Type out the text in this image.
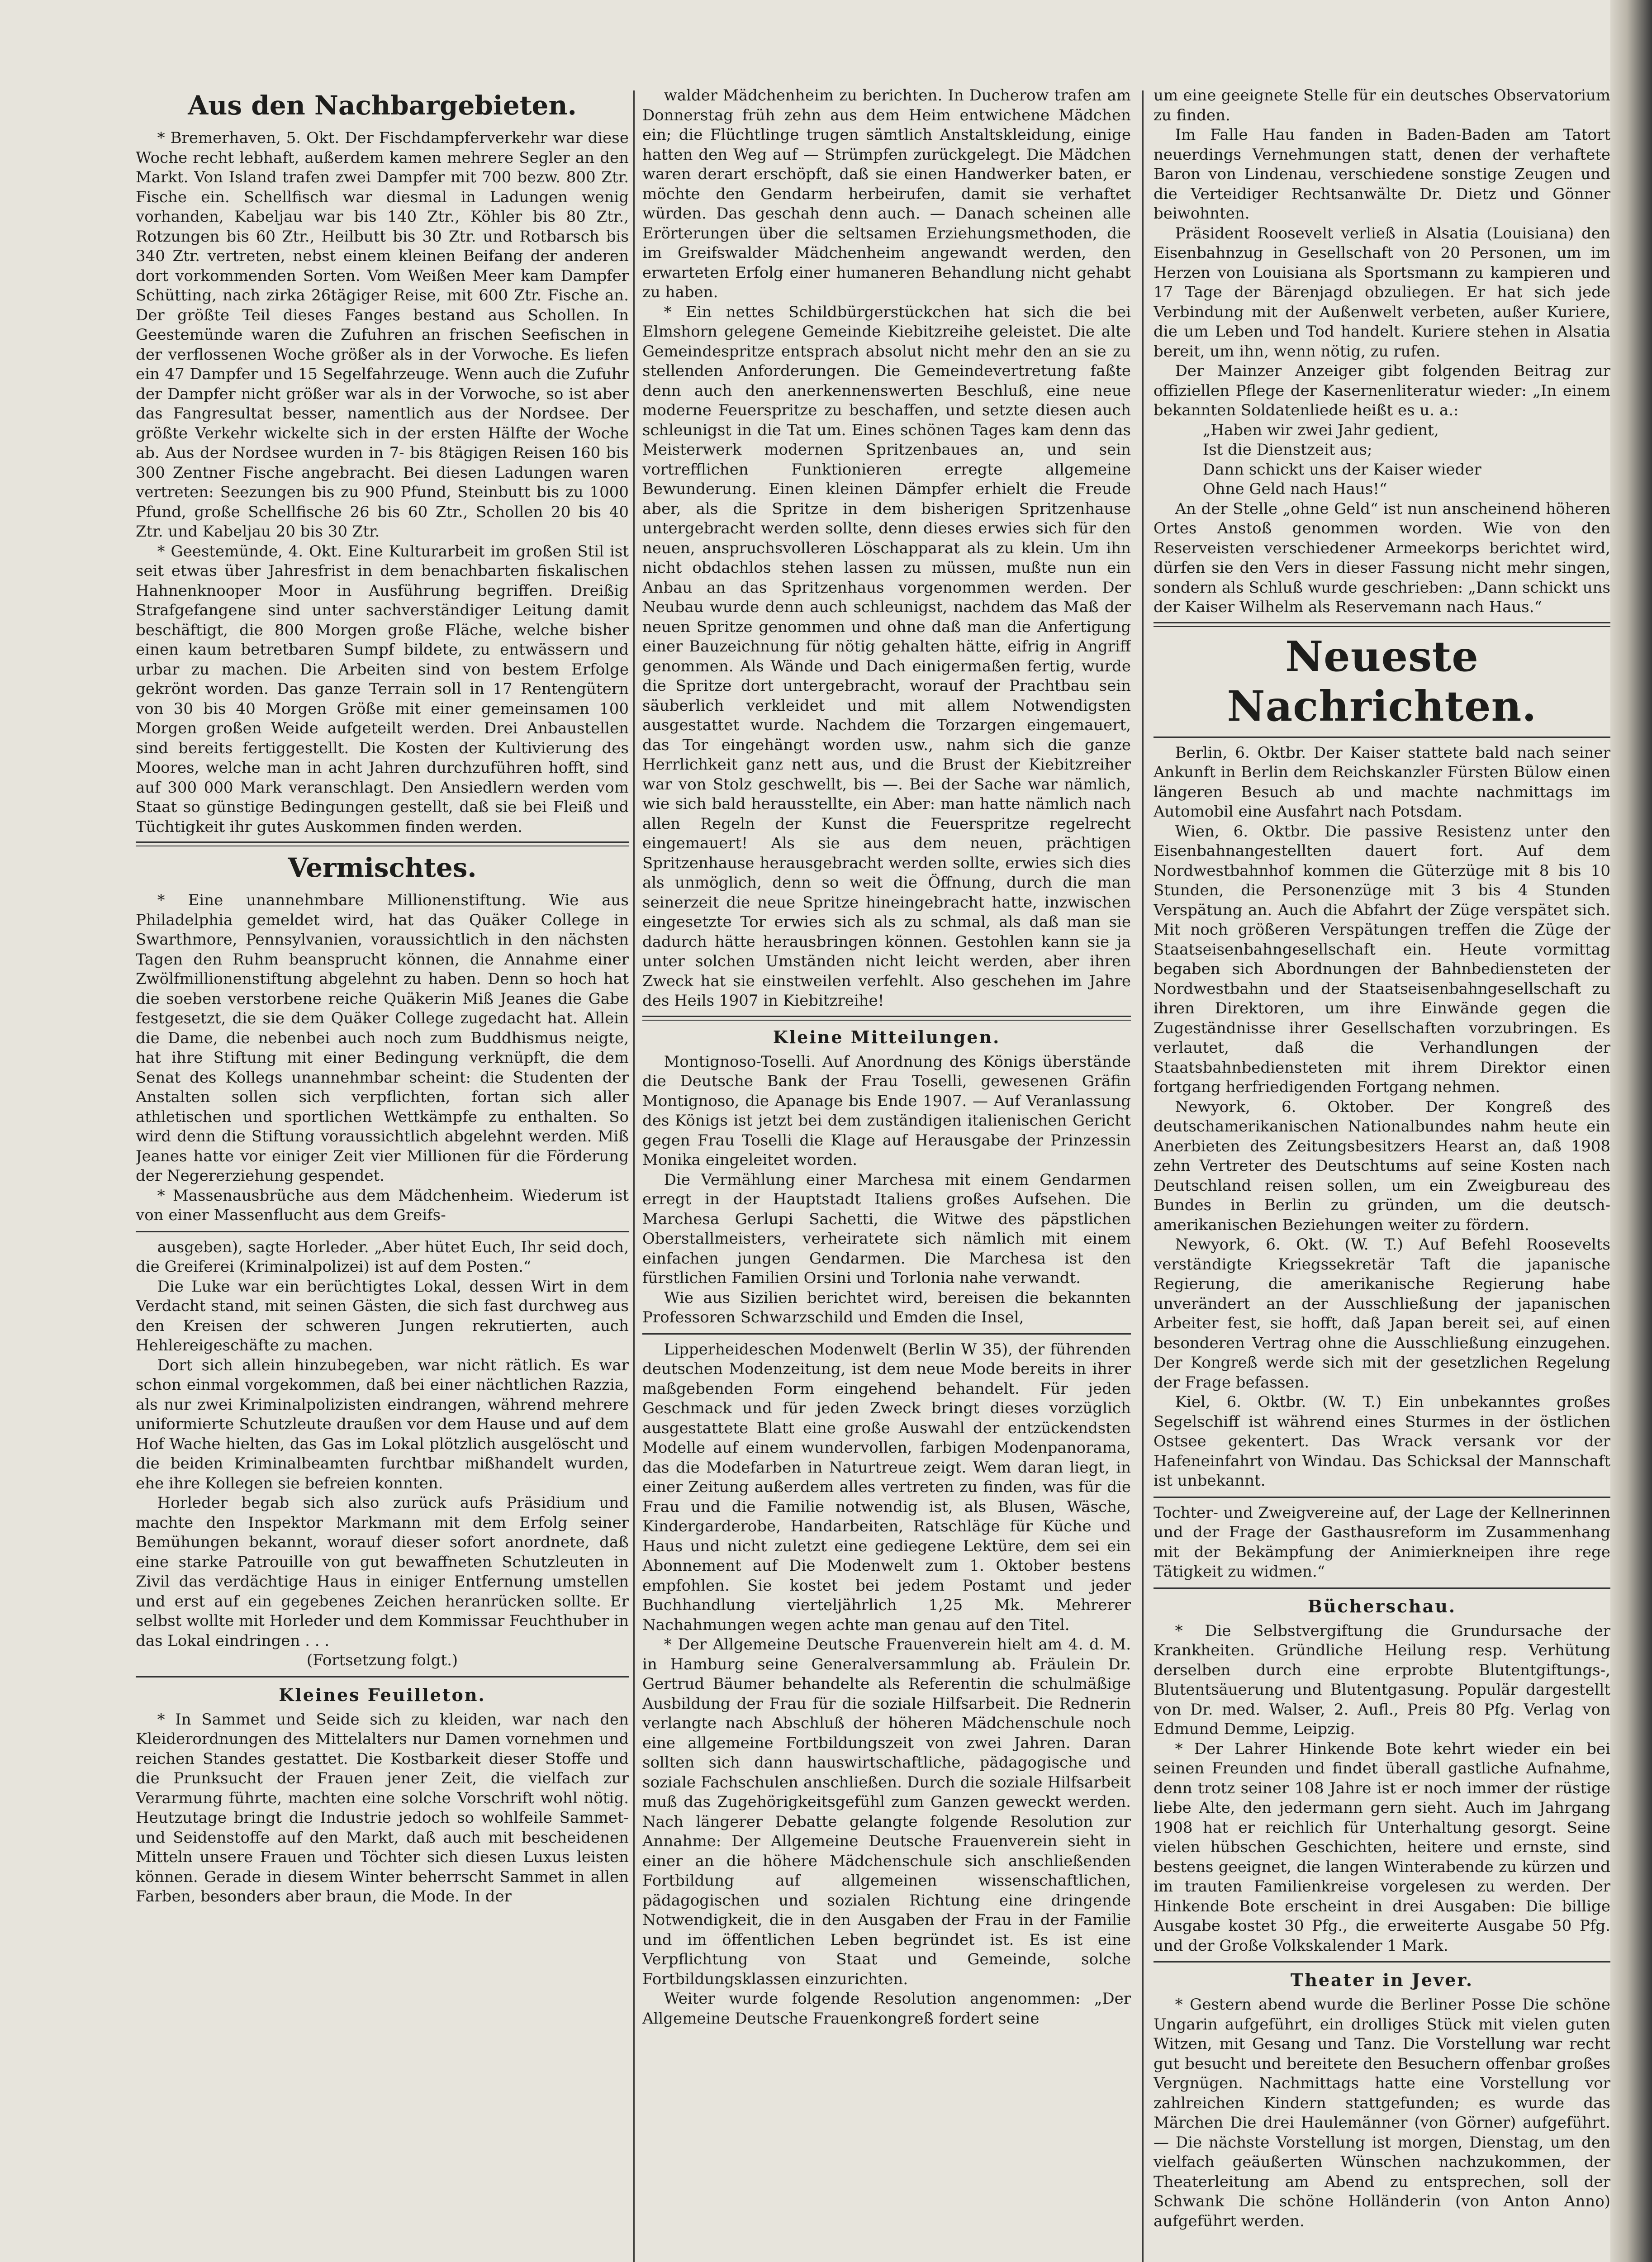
Aus den Nachbargebieten.

* Bremerhaven, 5. Okt. Der Fischdampferverkehr war diese Woche recht lebhaft, außerdem kamen mehrere Segler an den Markt. Von Island trafen zwei Dampfer mit 700 bezw. 800 Ztr. Fische ein. Schellfisch war diesmal in Ladungen wenig vorhanden, Kabeljau war bis 140 Ztr., Köhler bis 80 Ztr., Rotzungen bis 60 Ztr., Heilbutt bis 30 Ztr. und Rotbarsch bis 340 Ztr. vertreten, nebst einem kleinen Beifang der anderen dort vorkommenden Sorten. Vom Weißen Meer kam Dampfer Schütting, nach zirka 26tägiger Reise, mit 600 Ztr. Fische an. Der größte Teil dieses Fanges bestand aus Schollen. In Geestemünde waren die Zufuhren an frischen Seefischen in der verflossenen Woche größer als in der Vorwoche. Es liefen ein 47 Dampfer und 15 Segelfahrzeuge. Wenn auch die Zufuhr der Dampfer nicht größer war als in der Vorwoche, so ist aber das Fangresultat besser, namentlich aus der Nordsee. Der größte Verkehr wickelte sich in der ersten Hälfte der Woche ab. Aus der Nordsee wurden in 7- bis 8tägigen Reisen 160 bis 300 Zentner Fische angebracht. Bei diesen Ladungen waren vertreten: Seezungen bis zu 900 Pfund, Steinbutt bis zu 1000 Pfund, große Schellfische 26 bis 60 Ztr., Schollen 20 bis 40 Ztr. und Kabeljau 20 bis 30 Ztr.

* Geestemünde, 4. Okt. Eine Kulturarbeit im großen Stil ist seit etwas über Jahresfrist in dem benachbarten fiskalischen Hahnenknooper Moor in Ausführung begriffen. Dreißig Strafgefangene sind unter sachverständiger Leitung damit beschäftigt, die 800 Morgen große Fläche, welche bisher einen kaum betretbaren Sumpf bildete, zu entwässern und urbar zu machen. Die Arbeiten sind von bestem Erfolge gekrönt worden. Das ganze Terrain soll in 17 Rentengütern von 30 bis 40 Morgen Größe mit einer gemeinsamen 100 Morgen großen Weide aufgeteilt werden. Drei Anbaustellen sind bereits fertiggestellt. Die Kosten der Kultivierung des Moores, welche man in acht Jahren durchzuführen hofft, sind auf 300 000 Mark veranschlagt. Den Ansiedlern werden vom Staat so günstige Bedingungen gestellt, daß sie bei Fleiß und Tüchtigkeit ihr gutes Auskommen finden werden.

Vermischtes.

* Eine unannehmbare Millionenstiftung. Wie aus Philadelphia gemeldet wird, hat das Quäker College in Swarthmore, Pennsylvanien, voraussichtlich in den nächsten Tagen den Ruhm beansprucht können, die Annahme einer Zwölfmillionenstiftung abgelehnt zu haben. Denn so hoch hat die soeben verstorbene reiche Quäkerin Miß Jeanes die Gabe festgesetzt, die sie dem Quäker College zugedacht hat. Allein die Dame, die nebenbei auch noch zum Buddhismus neigte, hat ihre Stiftung mit einer Bedingung verknüpft, die dem Senat des Kollegs unannehmbar scheint: die Studenten der Anstalten sollen sich verpflichten, fortan sich aller athletischen und sportlichen Wettkämpfe zu enthalten. So wird denn die Stiftung voraussichtlich abgelehnt werden. Miß Jeanes hatte vor einiger Zeit vier Millionen für die Förderung der Negererziehung gespendet.

* Massenausbrüche aus dem Mädchenheim. Wiederum ist von einer Massenflucht aus dem Greifs-

ausgeben), sagte Horleder. „Aber hütet Euch, Ihr seid doch, die Greiferei (Kriminalpolizei) ist auf dem Posten.“

Die Luke war ein berüchtigtes Lokal, dessen Wirt in dem Verdacht stand, mit seinen Gästen, die sich fast durchweg aus den Kreisen der schweren Jungen rekrutierten, auch Hehlereigeschäfte zu machen.

Dort sich allein hinzubegeben, war nicht rätlich. Es war schon einmal vorgekommen, daß bei einer nächtlichen Razzia, als nur zwei Kriminalpolizisten eindrangen, während mehrere uniformierte Schutzleute draußen vor dem Hause und auf dem Hof Wache hielten, das Gas im Lokal plötzlich ausgelöscht und die beiden Kriminalbeamten furchtbar mißhandelt wurden, ehe ihre Kollegen sie befreien konnten.

Horleder begab sich also zurück aufs Präsidium und machte den Inspektor Markmann mit dem Erfolg seiner Bemühungen bekannt, worauf dieser sofort anordnete, daß eine starke Patrouille von gut bewaffneten Schutzleuten in Zivil das verdächtige Haus in einiger Entfernung umstellen und erst auf ein gegebenes Zeichen heranrücken sollte. Er selbst wollte mit Horleder und dem Kommissar Feuchthuber in das Lokal eindringen . . .

(Fortsetzung folgt.)

Kleines Feuilleton.

* In Sammet und Seide sich zu kleiden, war nach den Kleiderordnungen des Mittelalters nur Damen vornehmen und reichen Standes gestattet. Die Kostbarkeit dieser Stoffe und die Prunksucht der Frauen jener Zeit, die vielfach zur Verarmung führte, machten eine solche Vorschrift wohl nötig. Heutzutage bringt die Industrie jedoch so wohlfeile Sammet- und Seidenstoffe auf den Markt, daß auch mit bescheidenen Mitteln unsere Frauen und Töchter sich diesen Luxus leisten können. Gerade in diesem Winter beherrscht Sammet in allen Farben, besonders aber braun, die Mode. In der

walder Mädchenheim zu berichten. In Ducherow trafen am Donnerstag früh zehn aus dem Heim entwichene Mädchen ein; die Flüchtlinge trugen sämtlich Anstaltskleidung, einige hatten den Weg auf — Strümpfen zurückgelegt. Die Mädchen waren derart erschöpft, daß sie einen Handwerker baten, er möchte den Gendarm herbeirufen, damit sie verhaftet würden. Das geschah denn auch. — Danach scheinen alle Erörterungen über die seltsamen Erziehungsmethoden, die im Greifswalder Mädchenheim angewandt werden, den erwarteten Erfolg einer humaneren Behandlung nicht gehabt zu haben.

* Ein nettes Schildbürgerstückchen hat sich die bei Elmshorn gelegene Gemeinde Kiebitzreihe geleistet. Die alte Gemeindespritze entsprach absolut nicht mehr den an sie zu stellenden Anforderungen. Die Gemeindevertretung faßte denn auch den anerkennenswerten Beschluß, eine neue moderne Feuerspritze zu beschaffen, und setzte diesen auch schleunigst in die Tat um. Eines schönen Tages kam denn das Meisterwerk modernen Spritzenbaues an, und sein vortrefflichen Funktionieren erregte allgemeine Bewunderung. Einen kleinen Dämpfer erhielt die Freude aber, als die Spritze in dem bisherigen Spritzenhause untergebracht werden sollte, denn dieses erwies sich für den neuen, anspruchsvolleren Löschapparat als zu klein. Um ihn nicht obdachlos stehen lassen zu müssen, mußte nun ein Anbau an das Spritzenhaus vorgenommen werden. Der Neubau wurde denn auch schleunigst, nachdem das Maß der neuen Spritze genommen und ohne daß man die Anfertigung einer Bauzeichnung für nötig gehalten hätte, eifrig in Angriff genommen. Als Wände und Dach einigermaßen fertig, wurde die Spritze dort untergebracht, worauf der Prachtbau sein säuberlich verkleidet und mit allem Notwendigsten ausgestattet wurde. Nachdem die Torzargen eingemauert, das Tor eingehängt worden usw., nahm sich die ganze Herrlichkeit ganz nett aus, und die Brust der Kiebitzreiher war von Stolz geschwellt, bis —. Bei der Sache war nämlich, wie sich bald herausstellte, ein Aber: man hatte nämlich nach allen Regeln der Kunst die Feuerspritze regelrecht eingemauert! Als sie aus dem neuen, prächtigen Spritzenhause herausgebracht werden sollte, erwies sich dies als unmöglich, denn so weit die Öffnung, durch die man seinerzeit die neue Spritze hineingebracht hatte, inzwischen eingesetzte Tor erwies sich als zu schmal, als daß man sie dadurch hätte herausbringen können. Gestohlen kann sie ja unter solchen Umständen nicht leicht werden, aber ihren Zweck hat sie einstweilen verfehlt. Also geschehen im Jahre des Heils 1907 in Kiebitzreihe!

Kleine Mitteilungen.

Montignoso-Toselli. Auf Anordnung des Königs überstände die Deutsche Bank der Frau Toselli, gewesenen Gräfin Montignoso, die Apanage bis Ende 1907. — Auf Veranlassung des Königs ist jetzt bei dem zuständigen italienischen Gericht gegen Frau Toselli die Klage auf Herausgabe der Prinzessin Monika eingeleitet worden.

Die Vermählung einer Marchesa mit einem Gendarmen erregt in der Hauptstadt Italiens großes Aufsehen. Die Marchesa Gerlupi Sachetti, die Witwe des päpstlichen Oberstallmeisters, verheiratete sich nämlich mit einem einfachen jungen Gendarmen. Die Marchesa ist den fürstlichen Familien Orsini und Torlonia nahe verwandt.

Wie aus Sizilien berichtet wird, bereisen die bekannten Professoren Schwarzschild und Emden die Insel,

Lipperheideschen Modenwelt (Berlin W 35), der führenden deutschen Modenzeitung, ist dem neue Mode bereits in ihrer maßgebenden Form eingehend behandelt. Für jeden Geschmack und für jeden Zweck bringt dieses vorzüglich ausgestattete Blatt eine große Auswahl der entzückendsten Modelle auf einem wundervollen, farbigen Modenpanorama, das die Modefarben in Naturtreue zeigt. Wem daran liegt, in einer Zeitung außerdem alles vertreten zu finden, was für die Frau und die Familie notwendig ist, als Blusen, Wäsche, Kindergarderobe, Handarbeiten, Ratschläge für Küche und Haus und nicht zuletzt eine gediegene Lektüre, dem sei ein Abonnement auf Die Modenwelt zum 1. Oktober bestens empfohlen. Sie kostet bei jedem Postamt und jeder Buchhandlung vierteljährlich 1,25 Mk. Mehrerer Nachahmungen wegen achte man genau auf den Titel.

* Der Allgemeine Deutsche Frauenverein hielt am 4. d. M. in Hamburg seine Generalversammlung ab. Fräulein Dr. Gertrud Bäumer behandelte als Referentin die schulmäßige Ausbildung der Frau für die soziale Hilfsarbeit. Die Rednerin verlangte nach Abschluß der höheren Mädchenschule noch eine allgemeine Fortbildungszeit von zwei Jahren. Daran sollten sich dann hauswirtschaftliche, pädagogische und soziale Fachschulen anschließen. Durch die soziale Hilfsarbeit muß das Zugehörigkeitsgefühl zum Ganzen geweckt werden. Nach längerer Debatte gelangte folgende Resolution zur Annahme: Der Allgemeine Deutsche Frauenverein sieht in einer an die höhere Mädchenschule sich anschließenden Fortbildung auf allgemeinen wissenschaftlichen, pädagogischen und sozialen Richtung eine dringende Notwendigkeit, die in den Ausgaben der Frau in der Familie und im öffentlichen Leben begründet ist. Es ist eine Verpflichtung von Staat und Gemeinde, solche Fortbildungsklassen einzurichten.

Weiter wurde folgende Resolution angenommen: „Der Allgemeine Deutsche Frauenkongreß fordert seine

um eine geeignete Stelle für ein deutsches Observatorium zu finden.

Im Falle Hau fanden in Baden-Baden am Tatort neuerdings Vernehmungen statt, denen der verhaftete Baron von Lindenau, verschiedene sonstige Zeugen und die Verteidiger Rechtsanwälte Dr. Dietz und Gönner beiwohnten.

Präsident Roosevelt verließ in Alsatia (Louisiana) den Eisenbahnzug in Gesellschaft von 20 Personen, um im Herzen von Louisiana als Sportsmann zu kampieren und 17 Tage der Bärenjagd obzuliegen. Er hat sich jede Verbindung mit der Außenwelt verbeten, außer Kuriere, die um Leben und Tod handelt. Kuriere stehen in Alsatia bereit, um ihn, wenn nötig, zu rufen.

Der Mainzer Anzeiger gibt folgenden Beitrag zur offiziellen Pflege der Kasernenliteratur wieder: „In einem bekannten Soldatenliede heißt es u. a.:

„Haben wir zwei Jahr gedient,

Ist die Dienstzeit aus;

Dann schickt uns der Kaiser wieder

Ohne Geld nach Haus!“

An der Stelle „ohne Geld“ ist nun anscheinend höheren Ortes Anstoß genommen worden. Wie von den Reserveisten verschiedener Armeekorps berichtet wird, dürfen sie den Vers in dieser Fassung nicht mehr singen, sondern als Schluß wurde geschrieben: „Dann schickt uns der Kaiser Wilhelm als Reservemann nach Haus.“

Neueste Nachrichten.

Berlin, 6. Oktbr. Der Kaiser stattete bald nach seiner Ankunft in Berlin dem Reichskanzler Fürsten Bülow einen längeren Besuch ab und machte nachmittags im Automobil eine Ausfahrt nach Potsdam.

Wien, 6. Oktbr. Die passive Resistenz unter den Eisenbahnangestellten dauert fort. Auf dem Nordwestbahnhof kommen die Güterzüge mit 8 bis 10 Stunden, die Personenzüge mit 3 bis 4 Stunden Verspätung an. Auch die Abfahrt der Züge verspätet sich. Mit noch größeren Verspätungen treffen die Züge der Staatseisenbahngesellschaft ein. Heute vormittag begaben sich Abordnungen der Bahnbediensteten der Nordwestbahn und der Staatseisenbahngesellschaft zu ihren Direktoren, um ihre Einwände gegen die Zugeständnisse ihrer Gesellschaften vorzubringen. Es verlautet, daß die Verhandlungen der Staatsbahnbediensteten mit ihrem Direktor einen fortgang herfriedigenden Fortgang nehmen.

Newyork, 6. Oktober. Der Kongreß des deutschamerikanischen Nationalbundes nahm heute ein Anerbieten des Zeitungsbesitzers Hearst an, daß 1908 zehn Vertreter des Deutschtums auf seine Kosten nach Deutschland reisen sollen, um ein Zweigbureau des Bundes in Berlin zu gründen, um die deutsch-amerikanischen Beziehungen weiter zu fördern.

Newyork, 6. Okt. (W. T.) Auf Befehl Roosevelts verständigte Kriegssekretär Taft die japanische Regierung, die amerikanische Regierung habe unverändert an der Ausschließung der japanischen Arbeiter fest, sie hofft, daß Japan bereit sei, auf einen besonderen Vertrag ohne die Ausschließung einzugehen. Der Kongreß werde sich mit der gesetzlichen Regelung der Frage befassen.

Kiel, 6. Oktbr. (W. T.) Ein unbekanntes großes Segelschiff ist während eines Sturmes in der östlichen Ostsee gekentert. Das Wrack versank vor der Hafeneinfahrt von Windau. Das Schicksal der Mannschaft ist unbekannt.

Tochter- und Zweigvereine auf, der Lage der Kellnerinnen und der Frage der Gasthausreform im Zusammenhang mit der Bekämpfung der Animierkneipen ihre rege Tätigkeit zu widmen.“

Bücherschau.

* Die Selbstvergiftung die Grundursache der Krankheiten. Gründliche Heilung resp. Verhütung derselben durch eine erprobte Blutentgiftungs-, Blutentsäuerung und Blutentgasung. Populär dargestellt von Dr. med. Walser, 2. Aufl., Preis 80 Pfg. Verlag von Edmund Demme, Leipzig.

* Der Lahrer Hinkende Bote kehrt wieder ein bei seinen Freunden und findet überall gastliche Aufnahme, denn trotz seiner 108 Jahre ist er noch immer der rüstige liebe Alte, den jedermann gern sieht. Auch im Jahrgang 1908 hat er reichlich für Unterhaltung gesorgt. Seine vielen hübschen Geschichten, heitere und ernste, sind bestens geeignet, die langen Winterabende zu kürzen und im trauten Familienkreise vorgelesen zu werden. Der Hinkende Bote erscheint in drei Ausgaben: Die billige Ausgabe kostet 30 Pfg., die erweiterte Ausgabe 50 Pfg. und der Große Volkskalender 1 Mark.

Theater in Jever.

* Gestern abend wurde die Berliner Posse Die schöne Ungarin aufgeführt, ein drolliges Stück mit vielen guten Witzen, mit Gesang und Tanz. Die Vorstellung war recht gut besucht und bereitete den Besuchern offenbar großes Vergnügen. Nachmittags hatte eine Vorstellung vor zahlreichen Kindern stattgefunden; es wurde das Märchen Die drei Haulemänner (von Görner) aufgeführt. — Die nächste Vorstellung ist morgen, Dienstag, um den vielfach geäußerten Wünschen nachzukommen, der Theaterleitung am Abend zu entsprechen, soll der Schwank Die schöne Holländerin (von Anton Anno) aufgeführt werden.
